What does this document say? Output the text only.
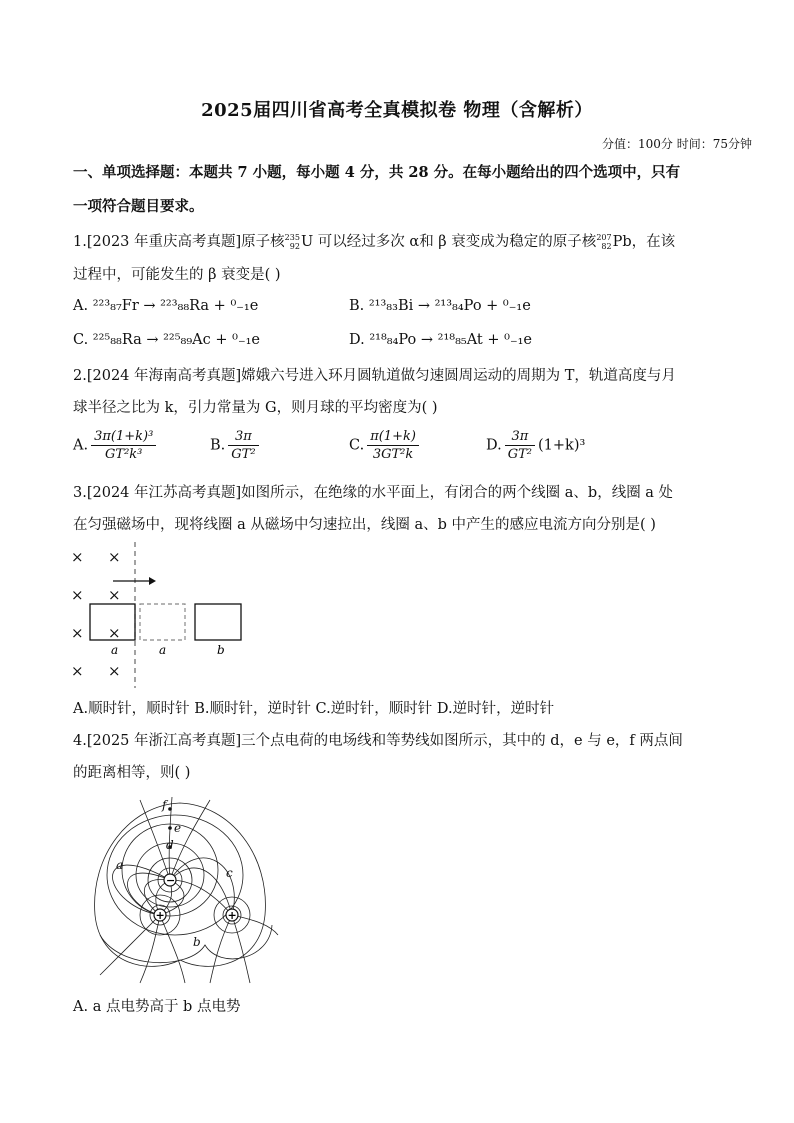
2025届四川省高考全真模拟卷 物理（含解析）
分值：100分 时间：75分钟
一、单项选择题：本题共 7 小题，每小题 4 分，共 28 分。在每小题给出的四个选项中，只有
一项符合题目要求。
1.[2023 年重庆高考真题]原子核 235
92 U 可以经过多次 α和 β 衰变成为稳定的原子核 207
82 Pb，在该
过程中，可能发生的 β 衰变是( )
A. ²²³₈₇Fr → ²²³₈₈Ra + ⁰₋₁e	B. ²¹³₈₃Bi → ²¹³₈₄Po + ⁰₋₁e
C. ²²⁵₈₈Ra → ²²⁵₈₉Ac + ⁰₋₁e	D. ²¹⁸₈₄Po → ²¹⁸₈₅At + ⁰₋₁e
2.[2024 年海南高考真题]嫦娥六号进入环月圆轨道做匀速圆周运动的周期为 T，轨道高度与月
球半径之比为 k，引力常量为 G，则月球的平均密度为( )
A. $\frac{\text{3π(1+k)³}}{\text{GT²k³}}$	B. $\frac{3\pi}{\text{GT²}}$	C. $\frac{\pi(1+k)}{\text{3GT²k}}$	D. $\frac{3\pi}{\text{GT²}} (1+k)^3$
3.[2024 年江苏高考真题]如图所示，在绝缘的水平面上，有闭合的两个线圈 a、b，线圈 a 处
在匀强磁场中，现将线圈 a 从磁场中匀速拉出，线圈 a、b 中产生的感应电流方向分别是( )
× ×
× ×
× ×
× ×
a	a	b
A.顺时针，顺时针 B.顺时针，逆时针 C.逆时针，顺时针 D.逆时针，逆时针
4.[2025 年浙江高考真题]三个点电荷的电场线和等势线如图所示，其中的 d，e 与 e，f 两点间
的距离相等，则( )
−
+	+
f
e
d
a
c
b
A. a 点电势高于 b 点电势
